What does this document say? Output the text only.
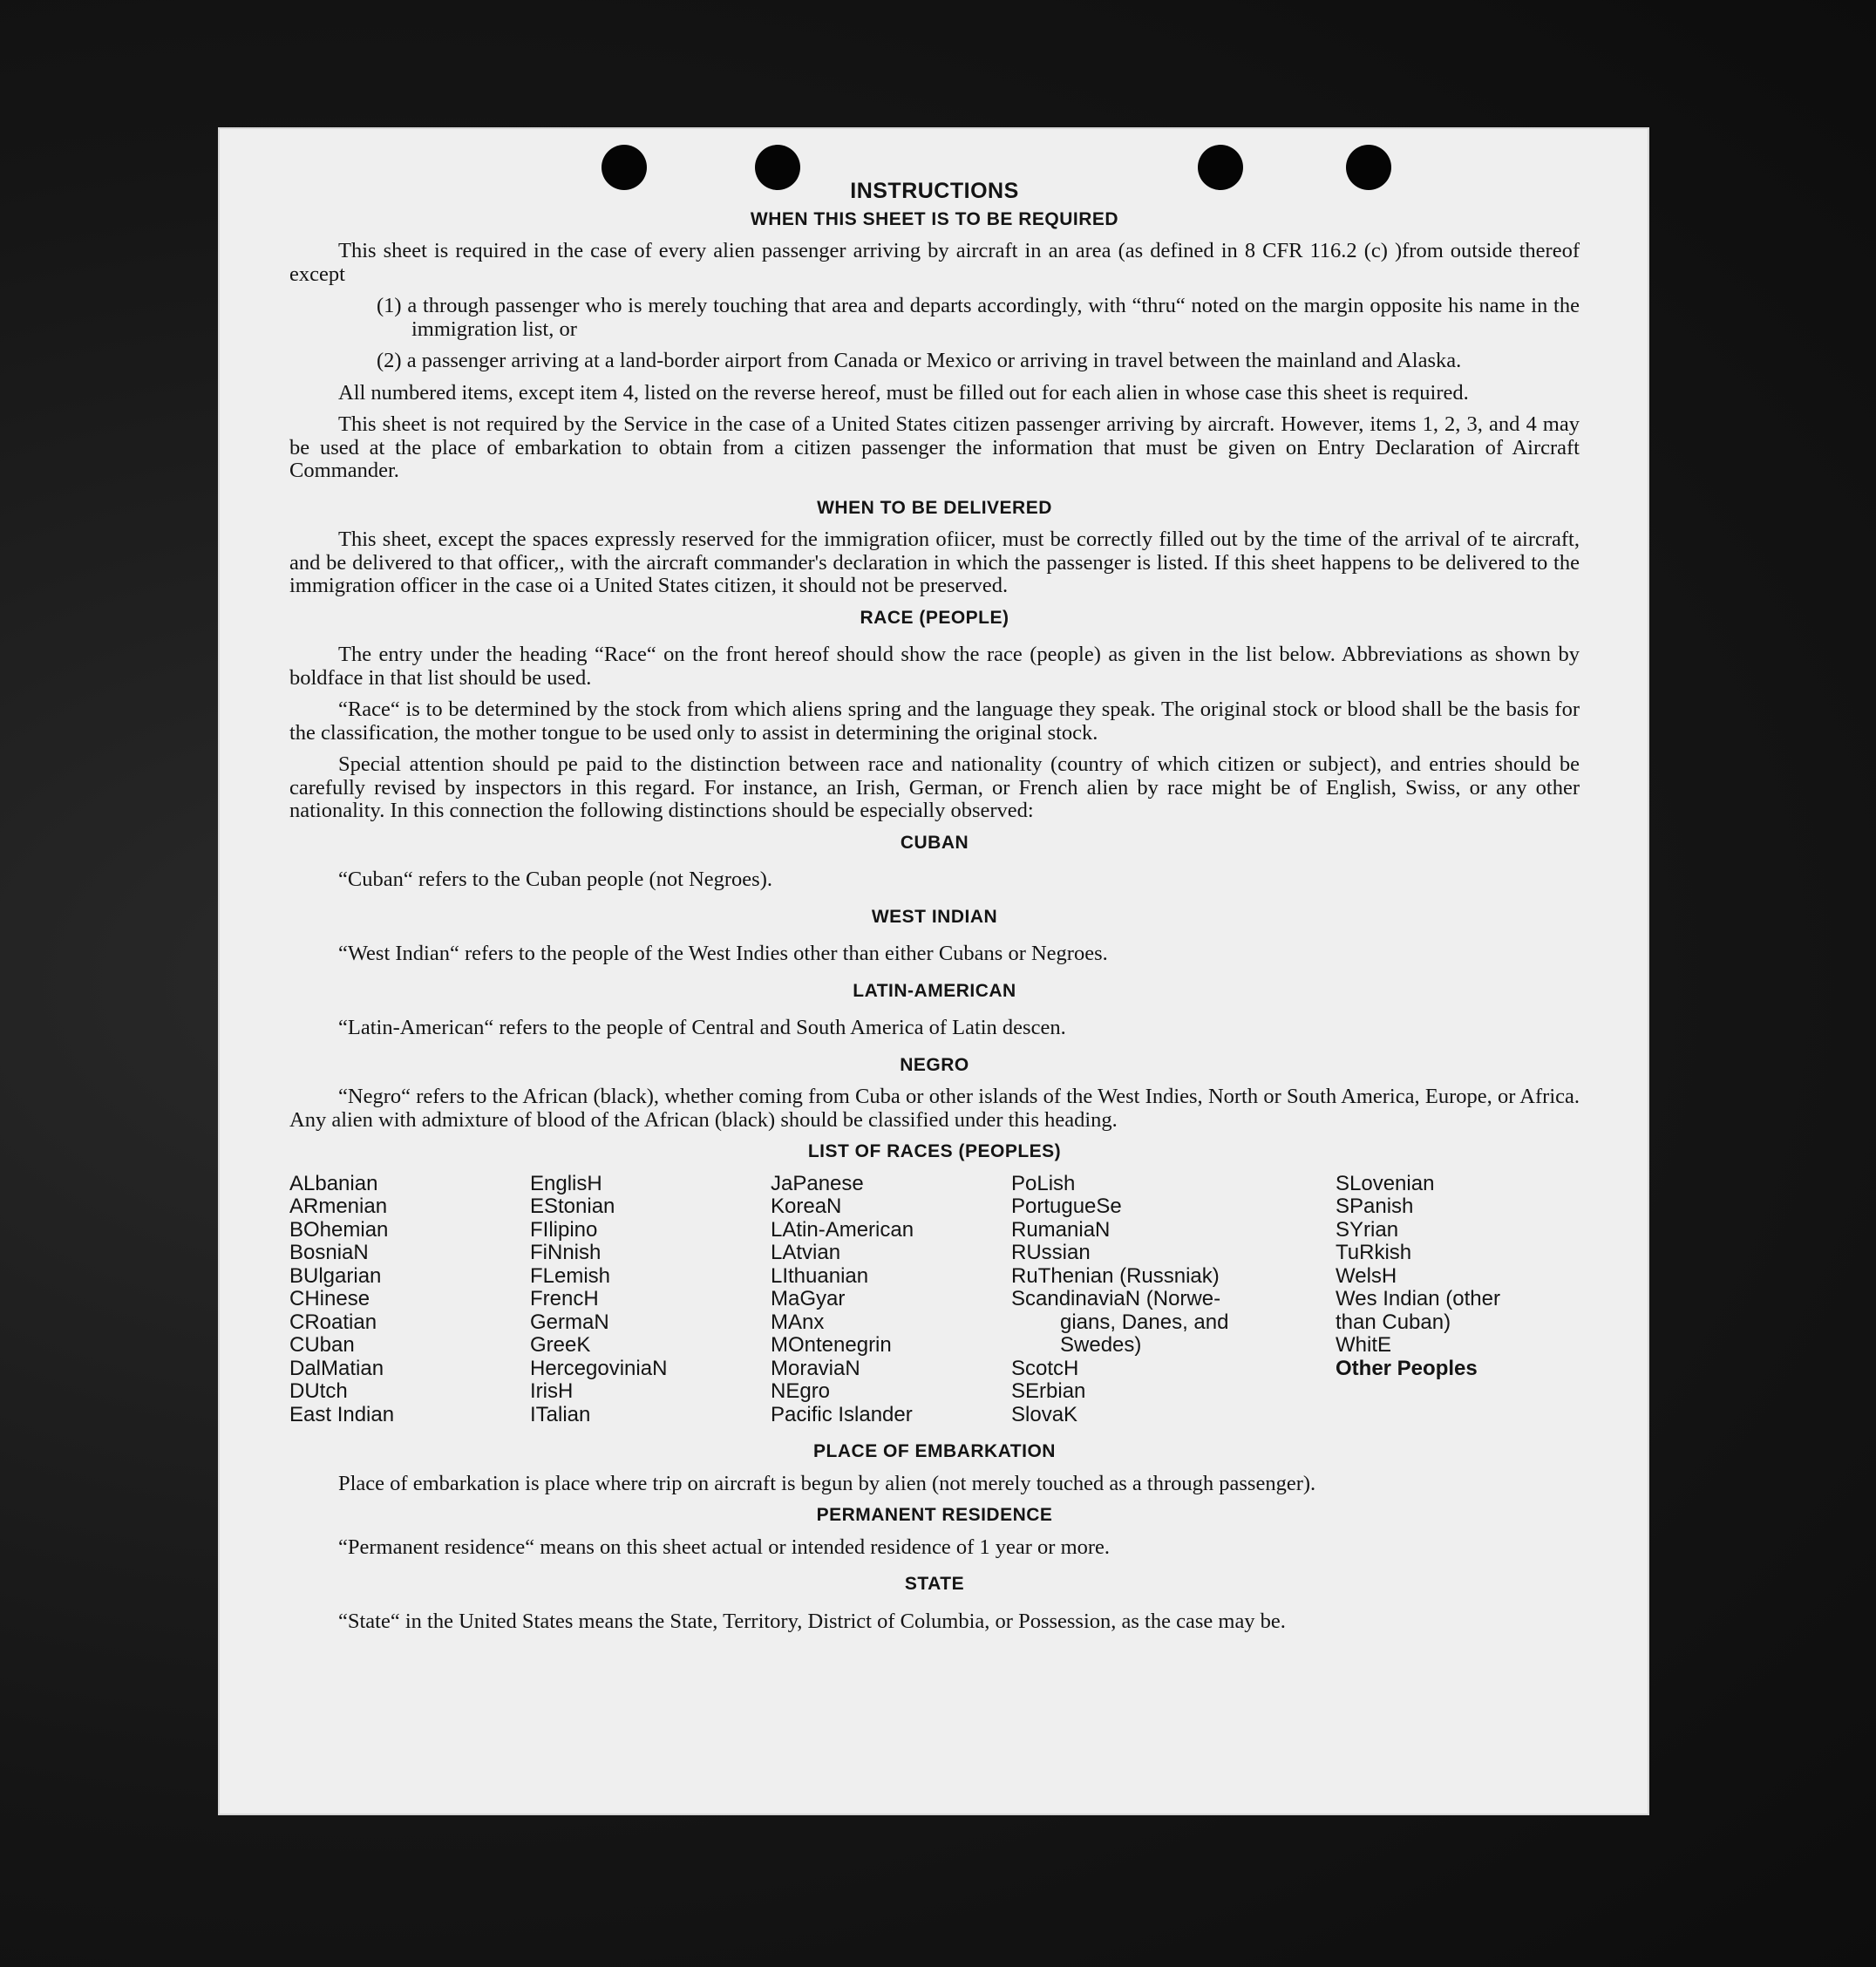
INSTRUCTIONS

WHEN THIS SHEET IS TO BE REQUIRED

This sheet is required in the case of every alien passenger arriving by aircraft in an area (as defined in 8 CFR 116.2 (c) )from outside thereof except

(1) a through passenger who is merely touching that area and departs accordingly, with “thru“ noted on the margin opposite his name in the immigration list, or

(2) a passenger arriving at a land-border airport from Canada or Mexico or arriving in travel between the mainland and Alaska.

All numbered items, except item 4, listed on the reverse hereof, must be filled out for each alien in whose case this sheet is required.

This sheet is not required by the Service in the case of a United States citizen passenger arriving by aircraft. However, items 1, 2, 3, and 4 may be used at the place of embarkation to obtain from a citizen passenger the information that must be given on Entry Declaration of Aircraft Commander.

WHEN TO BE DELIVERED

This sheet, except the spaces expressly reserved for the immigration ofiicer, must be correctly filled out by the time of the arrival of te aircraft, and be delivered to that officer,, with the aircraft commander's declaration in which the passenger is listed. If this sheet happens to be delivered to the immigration officer in the case oi a United States citizen, it should not be preserved.

RACE (PEOPLE)

The entry under the heading “Race“ on the front hereof should show the race (people) as given in the list below. Abbreviations as shown by boldface in that list should be used.

“Race“ is to be determined by the stock from which aliens spring and the language they speak. The original stock or blood shall be the basis for the classification, the mother tongue to be used only to assist in determining the original stock.

Special attention should pe paid to the distinction between race and nationality (country of which citizen or subject), and entries should be carefully revised by inspectors in this regard. For instance, an Irish, German, or French alien by race might be of English, Swiss, or any other nationality. In this connection the following distinctions should be especially observed:

CUBAN

“Cuban“ refers to the Cuban people (not Negroes).

WEST INDIAN

“West Indian“ refers to the people of the West Indies other than either Cubans or Negroes.

LATIN-AMERICAN

“Latin-American“ refers to the people of Central and South America of Latin descen.

NEGRO

“Negro“ refers to the African (black), whether coming from Cuba or other islands of the West Indies, North or South America, Europe, or Africa. Any alien with admixture of blood of the African (black) should be classified under this heading.

LIST OF RACES (PEOPLES)

ALbanian
ARmenian
BOhemian
BosniaN
BUlgarian
CHinese
CRoatian
CUban
DalMatian
DUtch
East Indian
EnglisH
EStonian
FIlipino
FiNnish
FLemish
FrencH
GermaN
GreeK
HercegoviniaN
IrisH
ITalian
JaPanese
KoreaN
LAtin-American
LAtvian
LIthuanian
MaGyar
MAnx
MOntenegrin
MoraviaN
NEgro
Pacific Islander
PoLish
PortugueSe
RumaniaN
RUssian
RuThenian (Russniak)
ScandinaviaN (Norwe-
gians, Danes, and
Swedes)
ScotcH
SErbian
SlovaK
SLovenian
SPanish
SYrian
TuRkish
WelsH
Wes Indian (other
than Cuban)
WhitE
Other Peoples

PLACE OF EMBARKATION

Place of embarkation is place where trip on aircraft is begun by alien (not merely touched as a through passenger).

PERMANENT RESIDENCE

“Permanent residence“ means on this sheet actual or intended residence of 1 year or more.

STATE

“State“ in the United States means the State, Territory, District of Columbia, or Possession, as the case may be.
